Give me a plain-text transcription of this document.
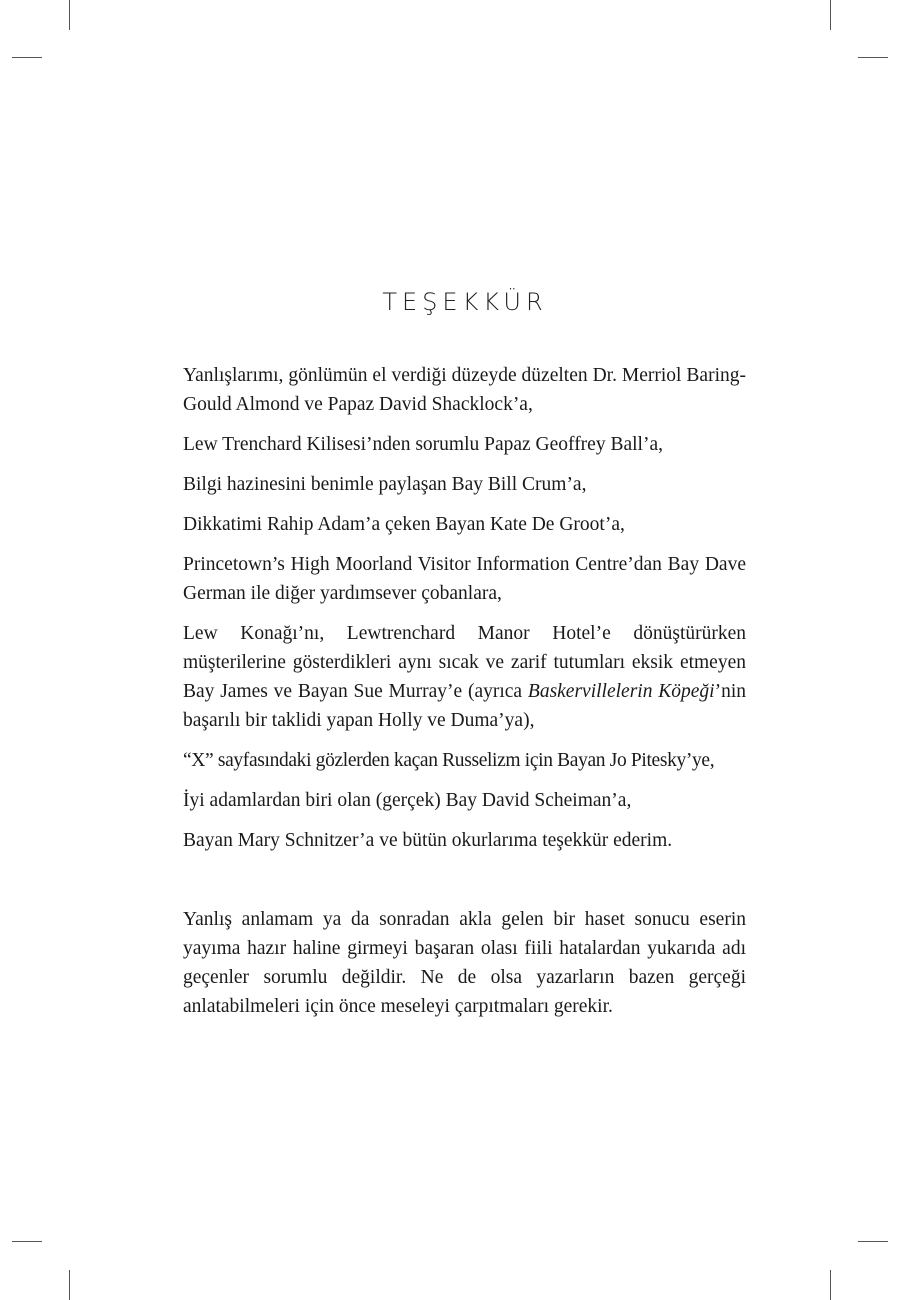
TEŞEKKÜR

Yanlışlarımı, gönlümün el verdiği düzeyde düzelten Dr. Merriol Baring-Gould Almond ve Papaz David Shacklock’a,

Lew Trenchard Kilisesi’nden sorumlu Papaz Geoffrey Ball’a,

Bilgi hazinesini benimle paylaşan Bay Bill Crum’a,

Dikkatimi Rahip Adam’a çeken Bayan Kate De Groot’a,

Princetown’s High Moorland Visitor Information Centre’dan Bay Dave German ile diğer yardımsever çobanlara,

Lew Konağı’nı, Lewtrenchard Manor Hotel’e dönüştürürken müşterilerine gösterdikleri aynı sıcak ve zarif tutumları eksik etmeyen Bay James ve Bayan Sue Murray’e (ayrıca Baskervillelerin Köpeği’nin başarılı bir taklidi yapan Holly ve Duma’ya),

“X” sayfasındaki gözlerden kaçan Russelizm için Bayan Jo Pitesky’ye,

İyi adamlardan biri olan (gerçek) Bay David Scheiman’a,

Bayan Mary Schnitzer’a ve bütün okurlarıma teşekkür ederim.

Yanlış anlamam ya da sonradan akla gelen bir haset sonucu eserin yayıma hazır haline girmeyi başaran olası fiili hatalardan yukarıda adı geçenler sorumlu değildir. Ne de olsa yazarların bazen gerçeği anlatabilmeleri için önce meseleyi çarpıtmaları gerekir.
